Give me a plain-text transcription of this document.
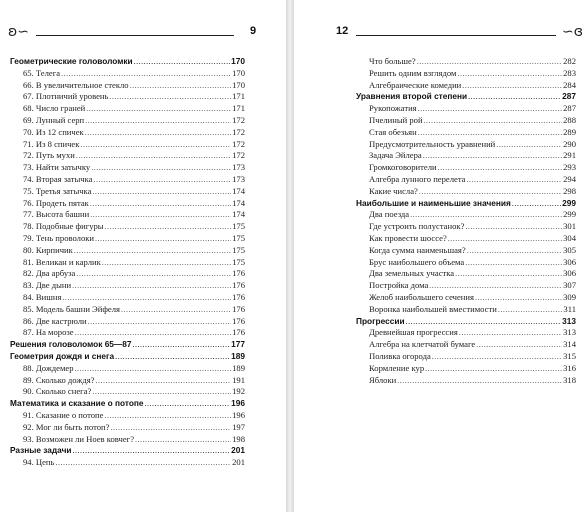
ʚ∽	9
Геометрические головоломки .....	170
65. Телега .....	170
66. В увеличительное стекло .....	170
67. Плотничий уровень .....	171
68. Число граней .....	171
69. Лунный серп .....	172
70. Из 12 спичек .....	172
71. Из 8 спичек .....	172
72. Путь мухи .....	172
73. Найти затычку .....	173
74. Вторая затычка .....	173
75. Третья затычка .....	174
76. Продеть пятак .....	174
77. Высота башни .....	174
78. Подобные фигуры .....	175
79. Тень проволоки .....	175
80. Кирпичик .....	175
81. Великан и карлик .....	175
82. Два арбуза .....	176
83. Две дыни .....	176
84. Вишня .....	176
85. Модель башни Эйфеля .....	176
86. Две кастрюли .....	176
87. На морозе .....	176
Решения головоломок 65—87 .....	177
Геометрия дождя и снега .....	189
88. Дождемер .....	189
89. Сколько дождя? .....	191
90. Сколько снега? .....	192
Математика и сказание о потопе .....	196
91. Сказание о потопе .....	196
92. Мог ли быть потоп? .....	197
93. Возможен ли Ноев ковчег? .....	198
Разные задачи .....	201
94. Цепь .....	201
12	∽ɞ
Что больше? .....	282
Решить одним взглядом .....	283
Алгебраические комедии .....	284
Уравнения второй степени .....	287
Рукопожатия .....	287
Пчелиный рой .....	288
Стая обезьян .....	289
Предусмотрительность уравнений .....	290
Задача Эйлера .....	291
Громкоговорители .....	293
Алгебра лунного перелета .....	294
Какие числа? .....	298
Наибольшие и наименьшие значения .....	299
Два поезда .....	299
Где устроить полустанок? .....	301
Как провести шоссе? .....	304
Когда сумма наименьшая? .....	305
Брус наибольшего объема .....	306
Два земельных участка .....	306
Постройка дома .....	307
Желоб наибольшего сечения .....	309
Воронка наибольшей вместимости .....	311
Прогрессии .....	313
Древнейшая прогрессия .....	313
Алгебра на клетчатой бумаге .....	314
Поливка огорода .....	315
Кормление кур .....	316
Яблоки .....	318
